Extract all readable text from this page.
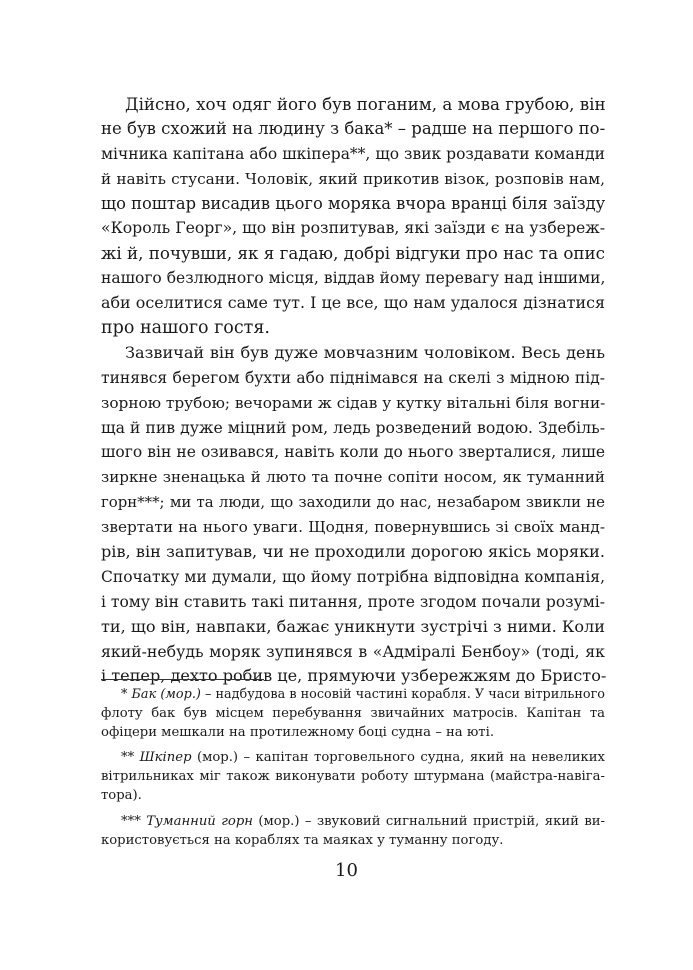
Дійсно, хоч одяг його був поганим, а мова грубою, він
не був схожий на людину з бака* – радше на першого по-
мічника капітана або шкіпера**, що звик роздавати команди
й навіть стусани. Чоловік, який прикотив візок, розповів нам,
що поштар висадив цього моряка вчора вранці біля заїзду
«Король Георг», що він розпитував, які заїзди є на узбереж-
жі й, почувши, як я гадаю, добрі відгуки про нас та опис
нашого безлюдного місця, віддав йому перевагу над іншими,
аби оселитися саме тут. І це все, що нам удалося дізнатися
про нашого гостя.
Зазвичай він був дуже мовчазним чоловіком. Весь день
тинявся берегом бухти або піднімався на скелі з мідною під-
зорною трубою; вечорами ж сідав у кутку вітальні біля вогни-
ща й пив дуже міцний ром, ледь розведений водою. Здебіль-
шого він не озивався, навіть коли до нього зверталися, лише
зиркне зненацька й люто та почне сопіти носом, як туманний
горн***; ми та люди, що заходили до нас, незабаром звикли не
звертати на нього уваги. Щодня, повернувшись зі своїх манд-
рів, він запитував, чи не проходили дорогою якісь моряки.
Спочатку ми думали, що йому потрібна відповідна компанія,
і тому він ставить такі питання, проте згодом почали розумі-
ти, що він, навпаки, бажає уникнути зустрічі з ними. Коли
який-небудь моряк зупинявся в «Адміралі Бенбоу» (тоді, як
і тепер, дехто робив це, прямуючи узбережжям до Бристо-
* Бак (мор.) – надбудова в носовій частині корабля. У часи вітрильного
флоту бак був місцем перебування звичайних матросів. Капітан та
офіцери мешкали на протилежному боці судна – на юті.
** Шкіпер (мор.) – капітан торговельного судна, який на невеликих
вітрильниках міг також виконувати роботу штурмана (майстра-навіга-
тора).
*** Туманний горн (мор.) – звуковий сигнальний пристрій, який ви-
користовується на кораблях та маяках у туманну погоду.
10
